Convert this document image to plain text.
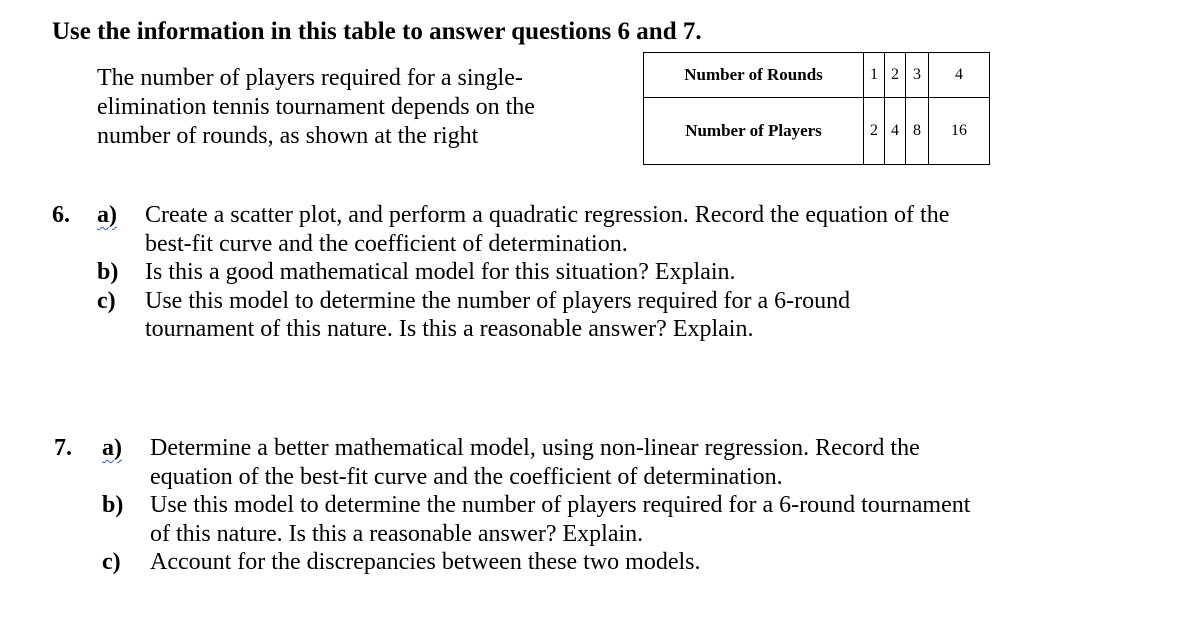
Use the information in this table to answer questions 6 and 7.
The number of players required for a single-
elimination tennis tournament depends on the
number of rounds, as shown at the right
Number of Rounds	1	2	3	4
Number of Players	2	4	8	16
6. a)	Create a scatter plot, and perform a quadratic regression. Record the equation of the
best-fit curve and the coefficient of determination.
b)	Is this a good mathematical model for this situation? Explain.
c)	Use this model to determine the number of players required for a 6-round
tournament of this nature. Is this a reasonable answer? Explain.
7. a)	Determine a better mathematical model, using non-linear regression. Record the
equation of the best-fit curve and the coefficient of determination.
b)	Use this model to determine the number of players required for a 6-round tournament
of this nature. Is this a reasonable answer? Explain.
c)	Account for the discrepancies between these two models.
